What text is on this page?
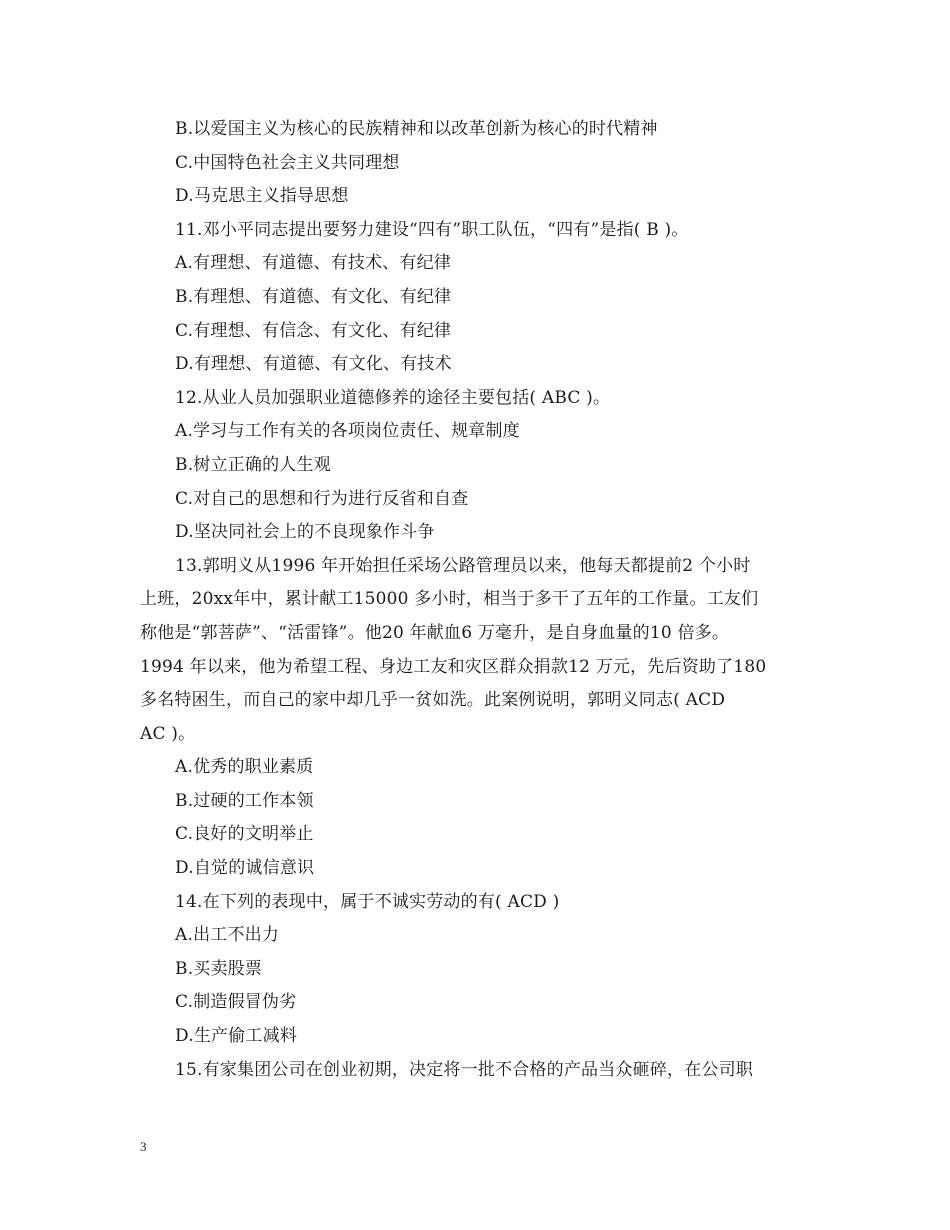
B.以爱国主义为核心的民族精神和以改革创新为核心的时代精神
C.中国特色社会主义共同理想
D.马克思主义指导思想
11.邓小平同志提出要努力建设“四有”职工队伍，“四有”是指( B )。
A.有理想、有道德、有技术、有纪律
B.有理想、有道德、有文化、有纪律
C.有理想、有信念、有文化、有纪律
D.有理想、有道德、有文化、有技术
12.从业人员加强职业道德修养的途径主要包括( ABC )。
A.学习与工作有关的各项岗位责任、规章制度
B.树立正确的人生观
C.对自己的思想和行为进行反省和自查
D.坚决同社会上的不良现象作斗争
13.郭明义从1996 年开始担任采场公路管理员以来，他每天都提前2 个小时
上班，20xx年中，累计献工15000 多小时，相当于多干了五年的工作量。工友们
称他是“郭菩萨”、“活雷锋”。他20 年献血6 万毫升，是自身血量的10 倍多。
1994 年以来，他为希望工程、身边工友和灾区群众捐款12 万元，先后资助了180
多名特困生，而自己的家中却几乎一贫如洗。此案例说明，郭明义同志( ACD
AC )。
A.优秀的职业素质
B.过硬的工作本领
C.良好的文明举止
D.自觉的诚信意识
14.在下列的表现中，属于不诚实劳动的有( ACD )
A.出工不出力
B.买卖股票
C.制造假冒伪劣
D.生产偷工减料
15.有家集团公司在创业初期，决定将一批不合格的产品当众砸碎，在公司职
3
